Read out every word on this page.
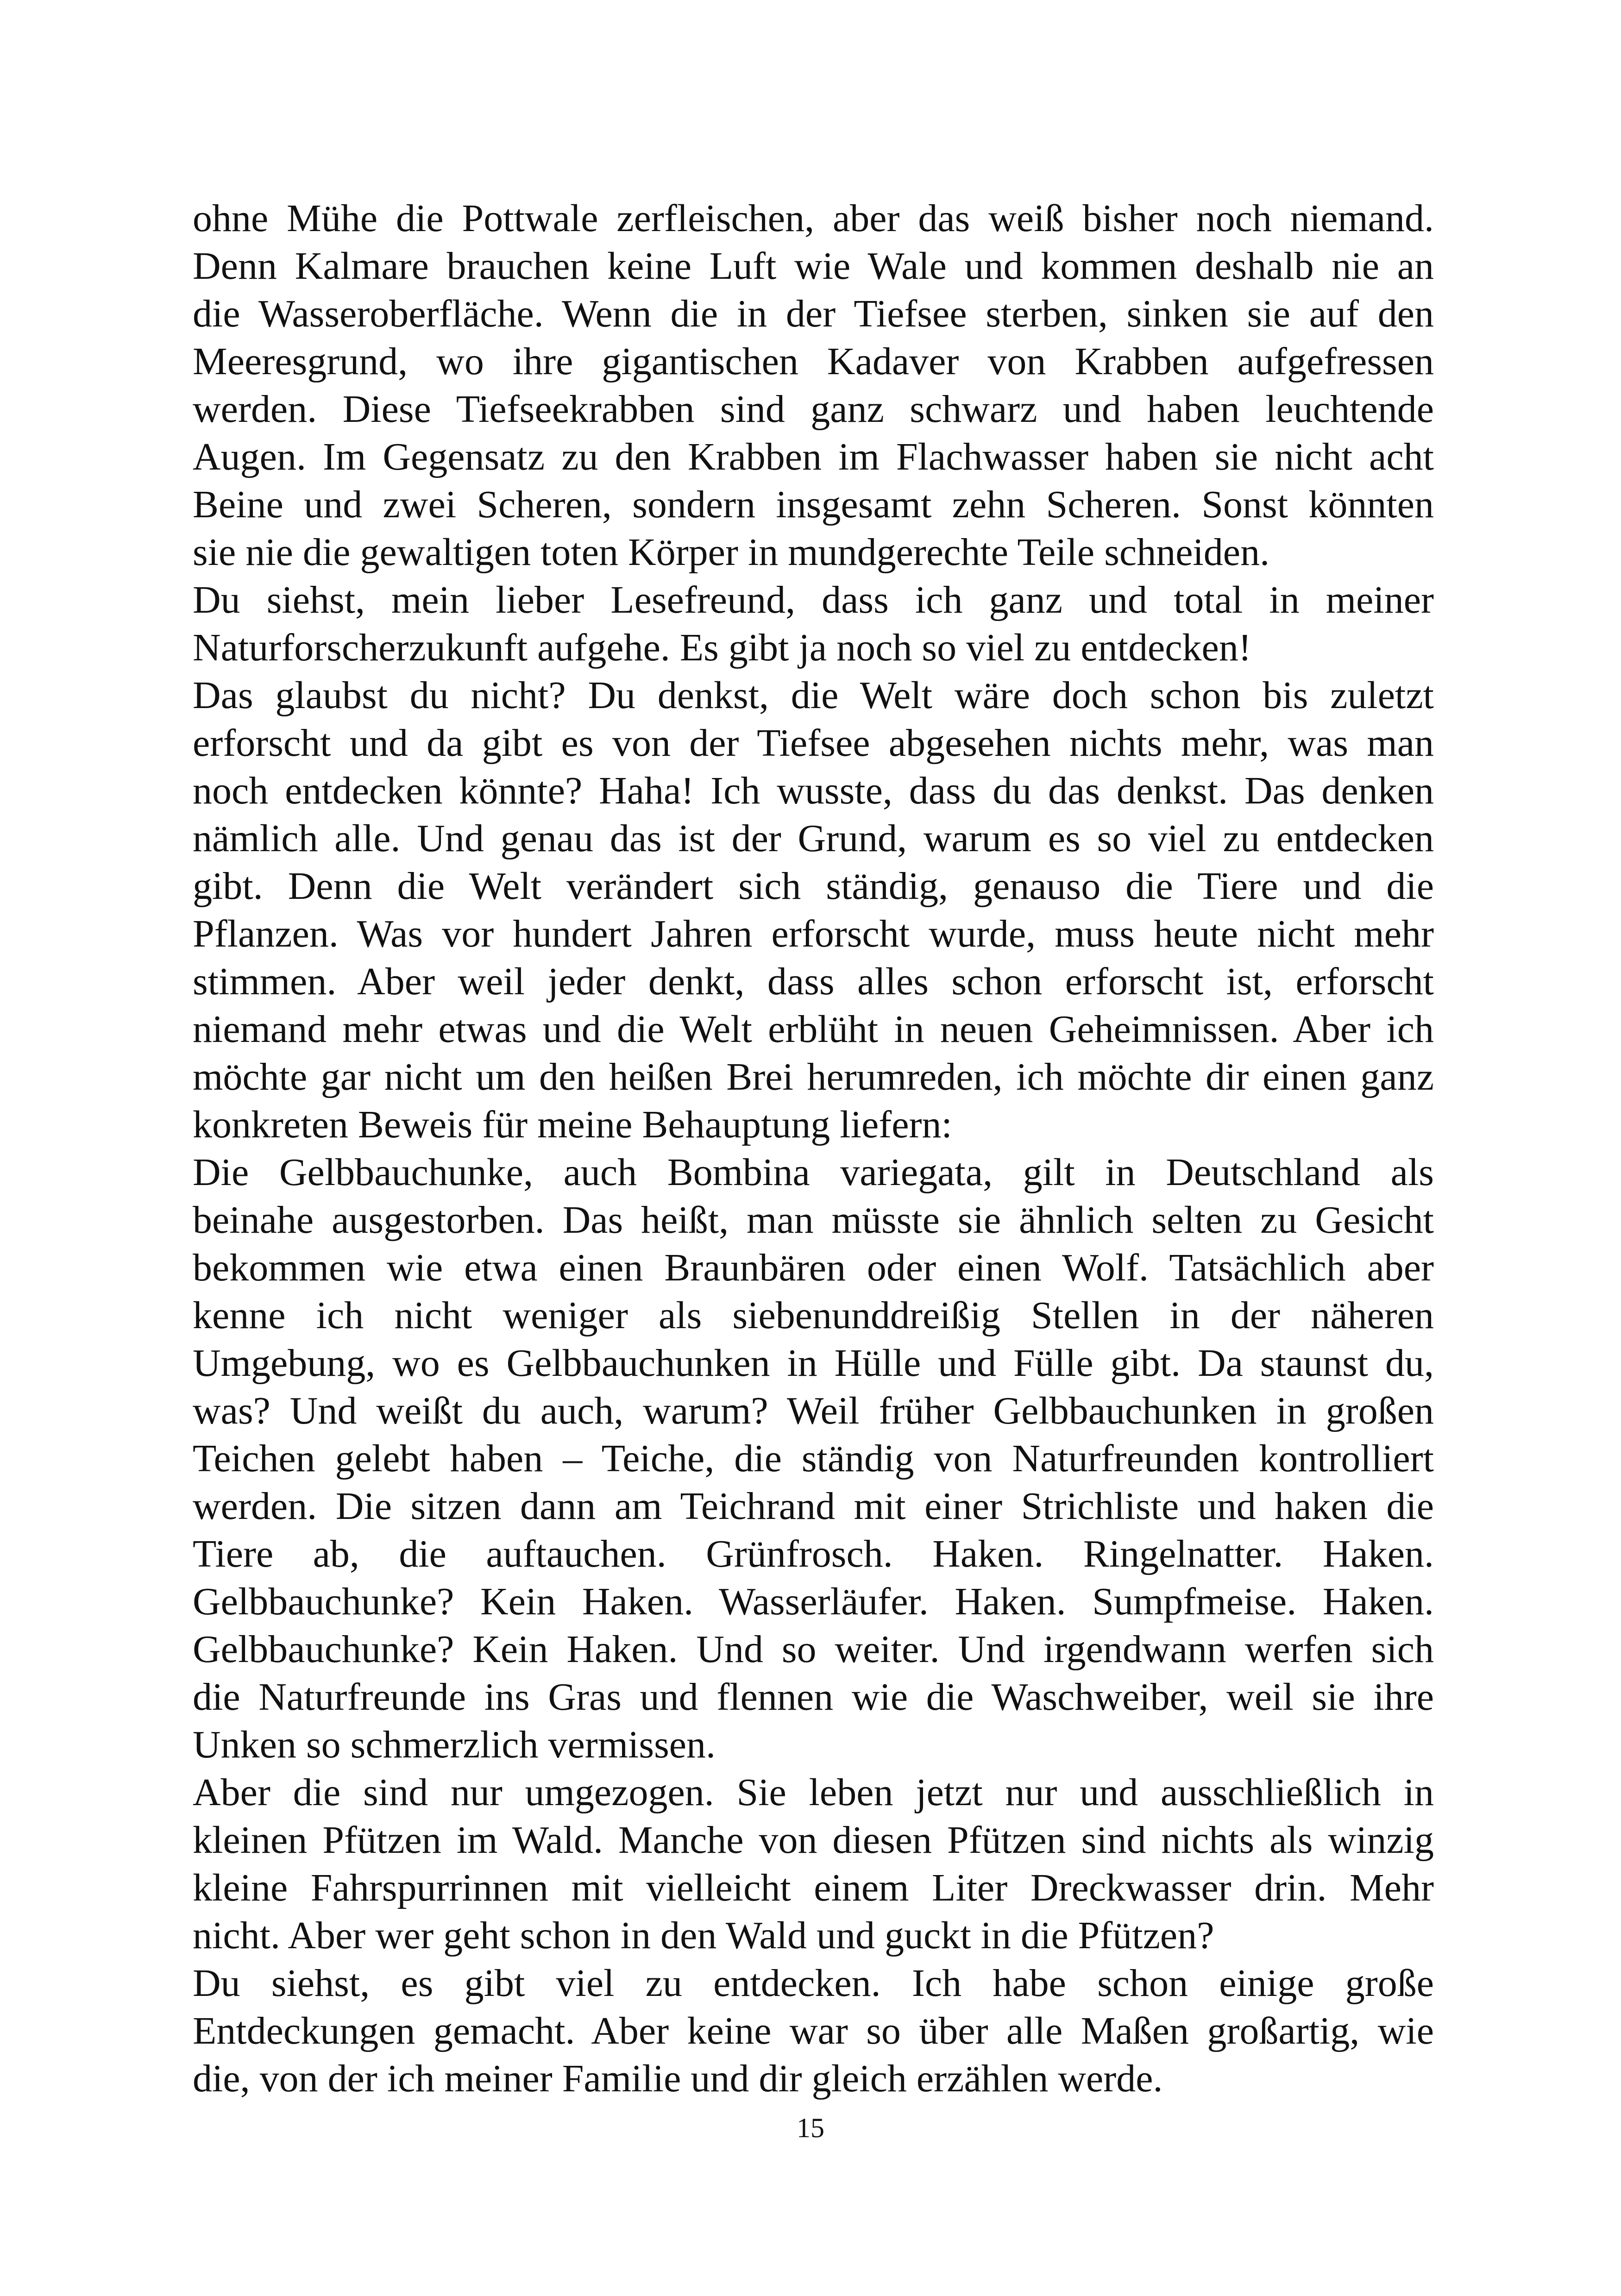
ohne Mühe die Pottwale zerfleischen, aber das weiß bisher noch niemand.
Denn Kalmare brauchen keine Luft wie Wale und kommen deshalb nie an
die Wasseroberfläche. Wenn die in der Tiefsee sterben, sinken sie auf den
Meeresgrund, wo ihre gigantischen Kadaver von Krabben aufgefressen
werden. Diese Tiefseekrabben sind ganz schwarz und haben leuchtende
Augen. Im Gegensatz zu den Krabben im Flachwasser haben sie nicht acht
Beine und zwei Scheren, sondern insgesamt zehn Scheren. Sonst könnten
sie nie die gewaltigen toten Körper in mundgerechte Teile schneiden.

Du siehst, mein lieber Lesefreund, dass ich ganz und total in meiner
Naturforscherzukunft aufgehe. Es gibt ja noch so viel zu entdecken!

Das glaubst du nicht? Du denkst, die Welt wäre doch schon bis zuletzt
erforscht und da gibt es von der Tiefsee abgesehen nichts mehr, was man
noch entdecken könnte? Haha! Ich wusste, dass du das denkst. Das denken
nämlich alle. Und genau das ist der Grund, warum es so viel zu entdecken
gibt. Denn die Welt verändert sich ständig, genauso die Tiere und die
Pflanzen. Was vor hundert Jahren erforscht wurde, muss heute nicht mehr
stimmen. Aber weil jeder denkt, dass alles schon erforscht ist, erforscht
niemand mehr etwas und die Welt erblüht in neuen Geheimnissen. Aber ich
möchte gar nicht um den heißen Brei herumreden, ich möchte dir einen ganz
konkreten Beweis für meine Behauptung liefern:

Die Gelbbauchunke, auch Bombina variegata, gilt in Deutschland als
beinahe ausgestorben. Das heißt, man müsste sie ähnlich selten zu Gesicht
bekommen wie etwa einen Braunbären oder einen Wolf. Tatsächlich aber
kenne ich nicht weniger als siebenunddreißig Stellen in der näheren
Umgebung, wo es Gelbbauchunken in Hülle und Fülle gibt. Da staunst du,
was? Und weißt du auch, warum? Weil früher Gelbbauchunken in großen
Teichen gelebt haben – Teiche, die ständig von Naturfreunden kontrolliert
werden. Die sitzen dann am Teichrand mit einer Strichliste und haken die
Tiere ab, die auftauchen. Grünfrosch. Haken. Ringelnatter. Haken.
Gelbbauchunke? Kein Haken. Wasserläufer. Haken. Sumpfmeise. Haken.
Gelbbauchunke? Kein Haken. Und so weiter. Und irgendwann werfen sich
die Naturfreunde ins Gras und flennen wie die Waschweiber, weil sie ihre
Unken so schmerzlich vermissen.

Aber die sind nur umgezogen. Sie leben jetzt nur und ausschließlich in
kleinen Pfützen im Wald. Manche von diesen Pfützen sind nichts als winzig
kleine Fahrspurrinnen mit vielleicht einem Liter Dreckwasser drin. Mehr
nicht. Aber wer geht schon in den Wald und guckt in die Pfützen?

Du siehst, es gibt viel zu entdecken. Ich habe schon einige große
Entdeckungen gemacht. Aber keine war so über alle Maßen großartig, wie
die, von der ich meiner Familie und dir gleich erzählen werde.

15
